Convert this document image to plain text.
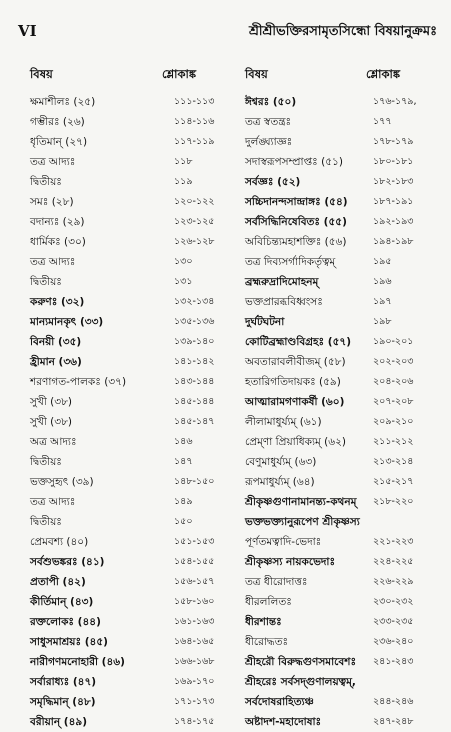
VI	শ্রীশ্রীভক্তিরসামৃতসিন্ধো বিষয়ানুক্রমঃ
বিষয়	শ্লোকাঙ্ক	বিষয়	শ্লোকাঙ্ক
ক্ষমাশীলঃ (২৫)	১১১-১১৩
গম্ভীরঃ (২৬)	১১৪-১১৬
ধৃতিমান্ (২৭)	১১৭-১১৯
তত্র আদ্যঃ	১১৮
দ্বিতীয়ঃ	১১৯
সমঃ (২৮)	১২০-১২২
বদান্যঃ (২৯)	১২৩-১২৫
ধার্মিকঃ (৩০)	১২৬-১২৮
তত্র আদ্যঃ	১৩০
দ্বিতীয়ঃ	১৩১
করুণঃ (৩২)	১৩২-১৩৪
মান্যমানকৃৎ (৩৩)	১৩৫-১৩৬
বিনয়ী (৩৫)	১৩৯-১৪০
হ্রীমান (৩৬)	১৪১-১৪২
শরণাগত-পালকঃ (৩৭)	১৪৩-১৪৪
সুখী (৩৮)	১৪৫-১৪৪
সুখী (৩৮)	১৪৫-১৪৭
অত্র আদ্যঃ	১৪৬
দ্বিতীয়ঃ	১৪৭
ভক্তসুহৃৎ (৩৯)	১৪৮-১৫০
তত্র আদ্যঃ	১৪৯
দ্বিতীয়ঃ	১৫০
প্রেমবশ্য (৪০)	১৫১-১৫৩
সর্বশুভঙ্করঃ (৪১)	১৫৪-১৫৫
প্রতাপী (৪২)	১৫৬-১৫৭
কীর্তিমান্ (৪৩)	১৫৮-১৬০
রক্তলোকঃ (৪৪)	১৬১-১৬৩
সাধুসমাশ্রয়ঃ (৪৫)	১৬৪-১৬৫
নারীগণমনোহারী (৪৬)	১৬৬-১৬৮
সর্বারাধ্যঃ (৪৭)	১৬৯-১৭০
সমৃদ্ধিমান্ (৪৮)	১৭১-১৭৩
বরীয়ান্ (৪৯)	১৭৪-১৭৫
ঈশ্বরঃ (৫০)	১৭৬-১৭৯,
তত্র স্বতন্ত্রঃ	১৭৭
দুর্লঙ্ঘ্যাজ্ঞঃ	১৭৮-১৭৯
সদাস্বরূপসম্প্রাপ্তঃ (৫১)	১৮০-১৮১
সর্বজ্ঞঃ (৫২)	১৮২-১৮৩
সচ্চিদানন্দসান্দ্রাঙ্গঃ (৫৪)	১৮৭-১৯১
সর্বসিদ্ধিনিষেবিতঃ (৫৫)	১৯২-১৯৩
অবিচিন্ত্যমহাশক্তিঃ (৫৬)	১৯৪-১৯৮
তত্র দিব্যসর্গাদিকর্তৃত্বম্	১৯৫
ব্রহ্মরুদ্রাদিমোহনম্	১৯৬
ভক্তপ্রারব্ধবিধ্বংসঃ	১৯৭
দুর্ঘটঘটনা	১৯৮
কোটিব্রহ্মাণ্ডবিগ্রহঃ (৫৭) ১৯০-২০১
অবতারাবলীবীজম্ (৫৮)	২০২-২০৩
হতারিগতিদায়কঃ (৫৯)	২০৪-২০৬
আত্মারামগণাকর্ষী (৬০)	২০৭-২০৮
লীলামাধুর্য্যম্ (৬১)	২০৯-২১০
প্রেম্ণা প্রিয়াধিক্যম্ (৬২)	২১১-২১২
বেণুমাধুর্য্যম্ (৬৩)	২১৩-২১৪
রূপমাধুর্য্যম্ (৬৪)	২১৫-২১৭
শ্রীকৃষ্ণগুণানামানন্ত্য-কথনম্ ২১৮-২২০
ভক্তভক্ত্যানুরূপেণ শ্রীকৃষ্ণস্য
পূর্ণতমত্বাদি-ভেদাঃ	২২১-২২৩
শ্রীকৃষ্ণস্য নায়কভেদাঃ	২২৪-২২৫
তত্র ধীরোদাত্তঃ	২২৬-২২৯
ধীরললিতঃ	২৩০-২৩২
ধীরশান্তঃ	২৩৩-২৩৫
ধীরোদ্ধতঃ	২৩৬-২৪০
শ্রীহরৌ বিরুদ্ধগুণসমাবেশঃ ২৪১-২৪৩
শ্রীহরেঃ সর্বসদ্গুণালয়ত্বম্,
সর্বদোষরাহিত্যঞ্চ	২৪৪-২৪৬
অষ্টাদশ-মহাদোষাঃ	২৪৭-২৪৮
